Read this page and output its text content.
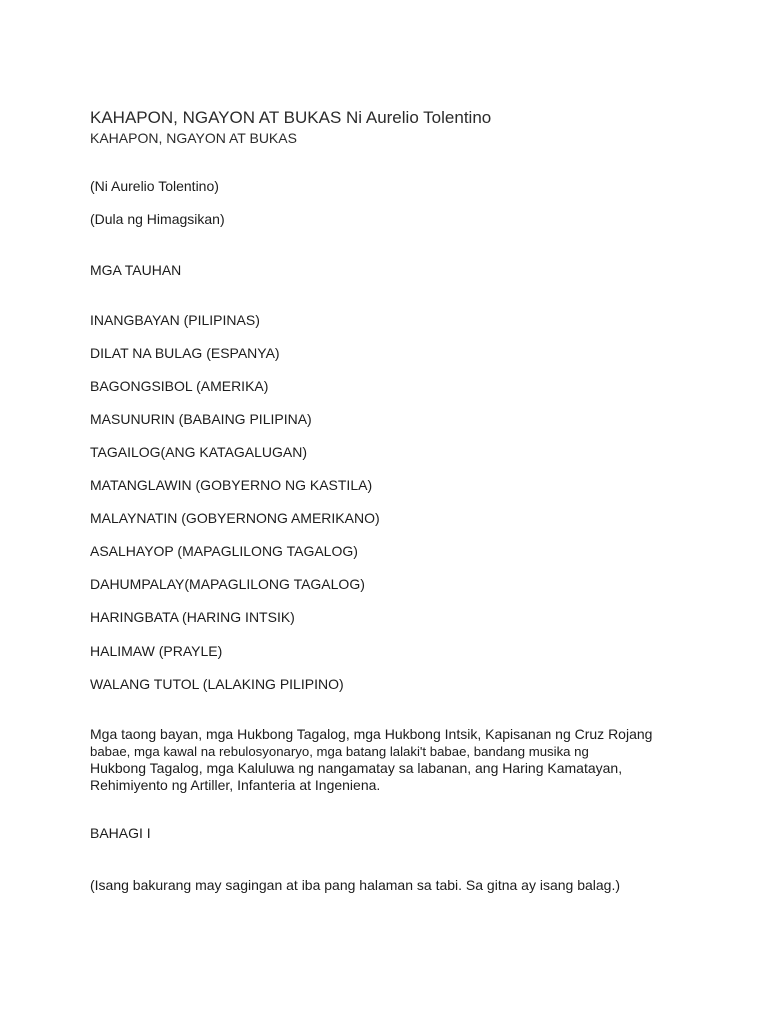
KAHAPON, NGAYON AT BUKAS Ni Aurelio Tolentino
KAHAPON, NGAYON AT BUKAS
(Ni Aurelio Tolentino)
(Dula ng Himagsikan)
MGA TAUHAN
INANGBAYAN (PILIPINAS)
DILAT NA BULAG (ESPANYA)
BAGONGSIBOL (AMERIKA)
MASUNURIN (BABAING PILIPINA)
TAGAILOG(ANG KATAGALUGAN)
MATANGLAWIN (GOBYERNO NG KASTILA)
MALAYNATIN (GOBYERNONG AMERIKANO)
ASALHAYOP (MAPAGLILONG TAGALOG)
DAHUMPALAY(MAPAGLILONG TAGALOG)
HARINGBATA (HARING INTSIK)
HALIMAW (PRAYLE)
WALANG TUTOL (LALAKING PILIPINO)
Mga taong bayan, mga Hukbong Tagalog, mga Hukbong Intsik, Kapisanan ng Cruz Rojang
babae, mga kawal na rebulosyonaryo, mga batang lalaki't babae, bandang musika ng
Hukbong Tagalog, mga Kaluluwa ng nangamatay sa labanan, ang Haring Kamatayan,
Rehimiyento ng Artiller, Infanteria at Ingeniena.
BAHAGI I
(Isang bakurang may sagingan at iba pang halaman sa tabi. Sa gitna ay isang balag.)
